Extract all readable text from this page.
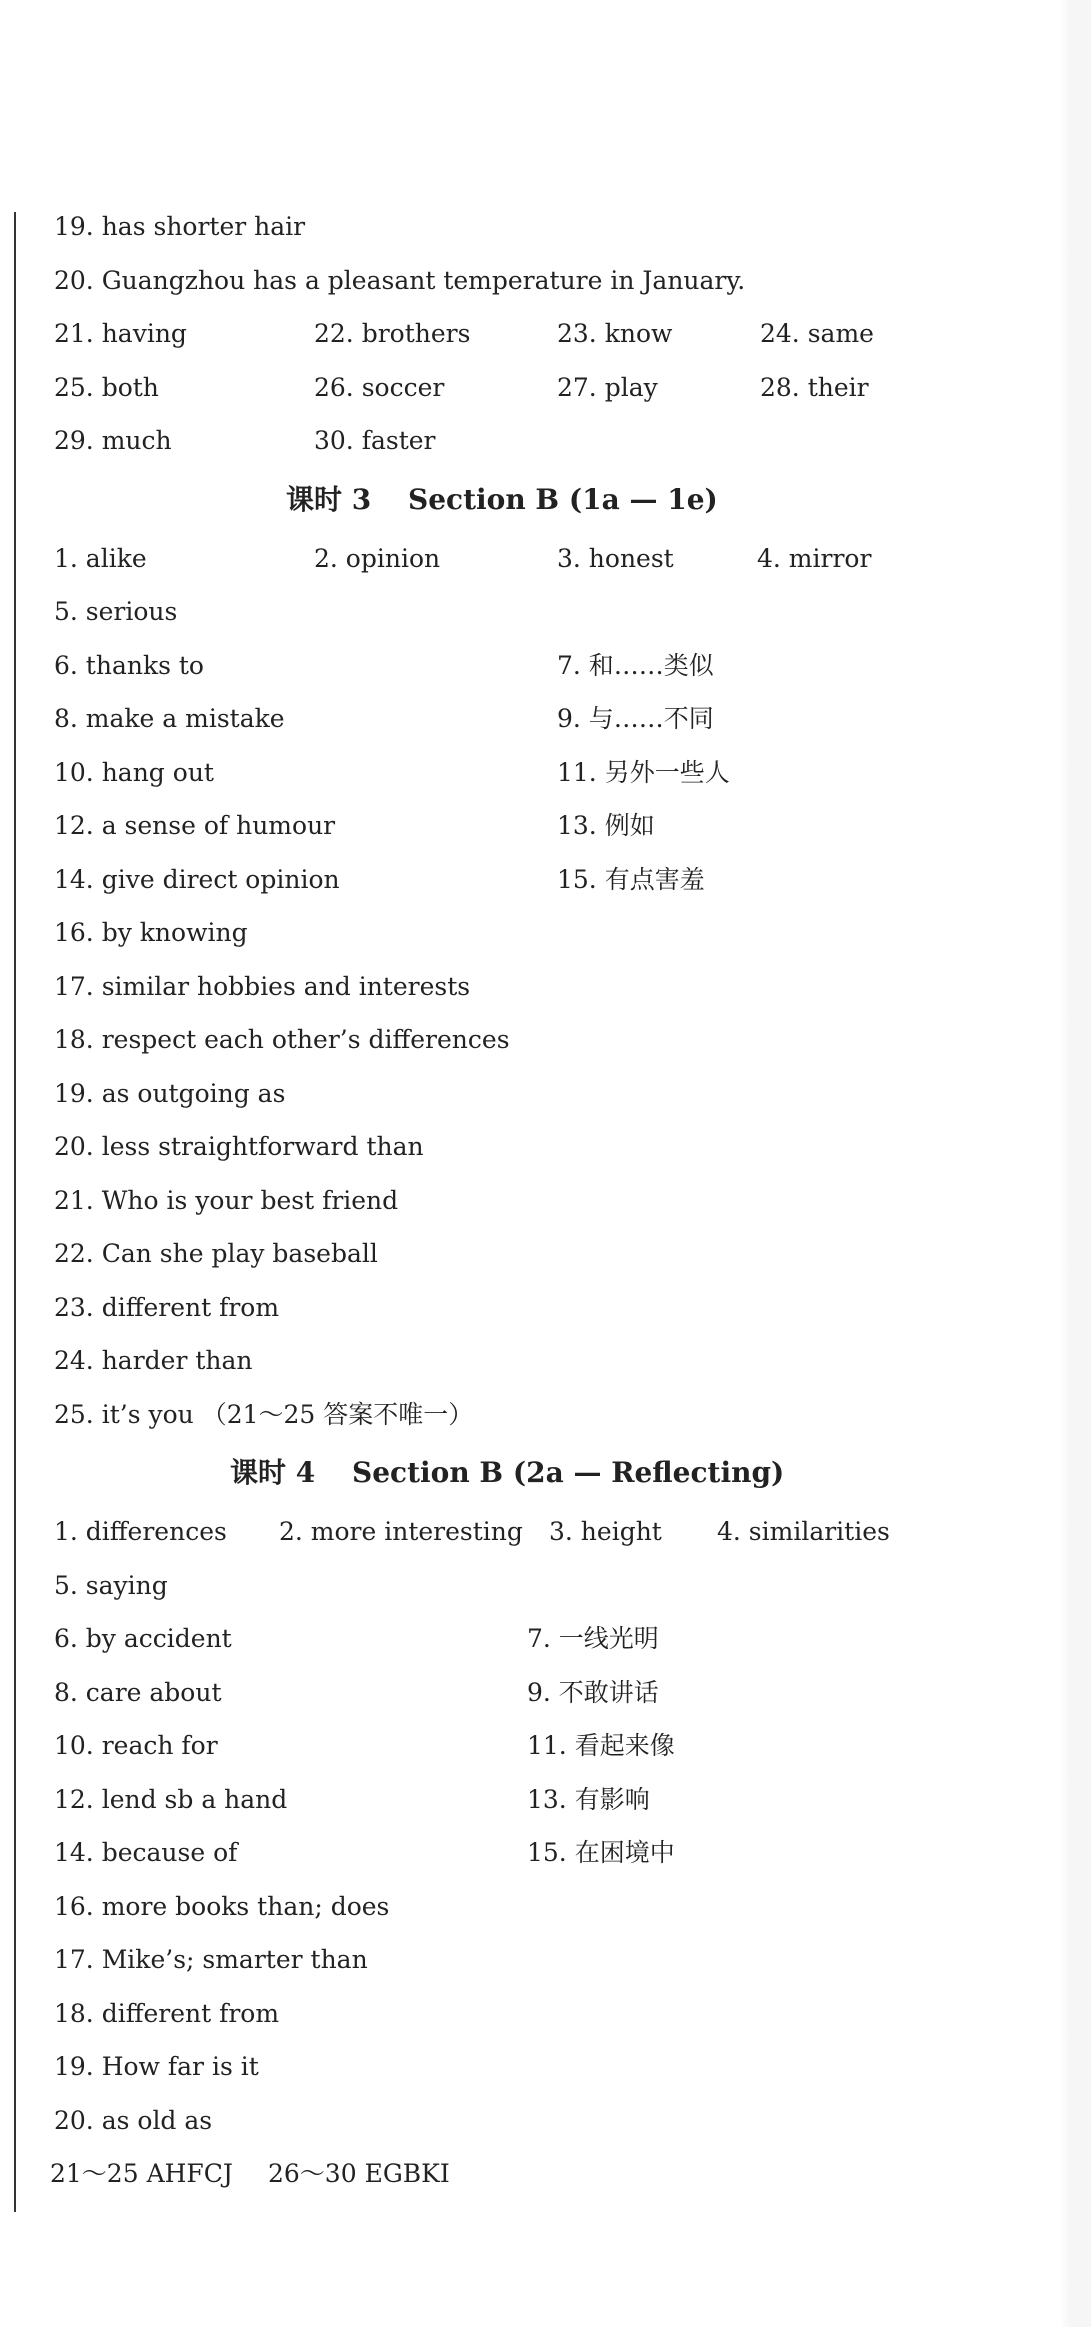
19. has shorter hair
20. Guangzhou has a pleasant temperature in January.
21. having	22. brothers	23. know	24. same
25. both	26. soccer	27. play	28. their
29. much	30. faster
课时 3 Section B (1a — 1e)
1. alike	2. opinion	3. honest	4. mirror
5. serious
6. thanks to	7. 和……类似
8. make a mistake	9. 与……不同
10. hang out	11. 另外一些人
12. a sense of humour	13. 例如
14. give direct opinion	15. 有点害羞
16. by knowing
17. similar hobbies and interests
18. respect each other’s differences
19. as outgoing as
20. less straightforward than
21. Who is your best friend
22. Can she play baseball
23. different from
24. harder than
25. it’s you （21～25 答案不唯一）
课时 4 Section B (2a — Reflecting)
1. differences 2. more interesting 3. height 4. similarities
5. saying
6. by accident	7. 一线光明
8. care about	9. 不敢讲话
10. reach for	11. 看起来像
12. lend sb a hand	13. 有影响
14. because of	15. 在困境中
16. more books than; does
17. Mike’s; smarter than
18. different from
19. How far is it
20. as old as
21～25 AHFCJ 26～30 EGBKI
